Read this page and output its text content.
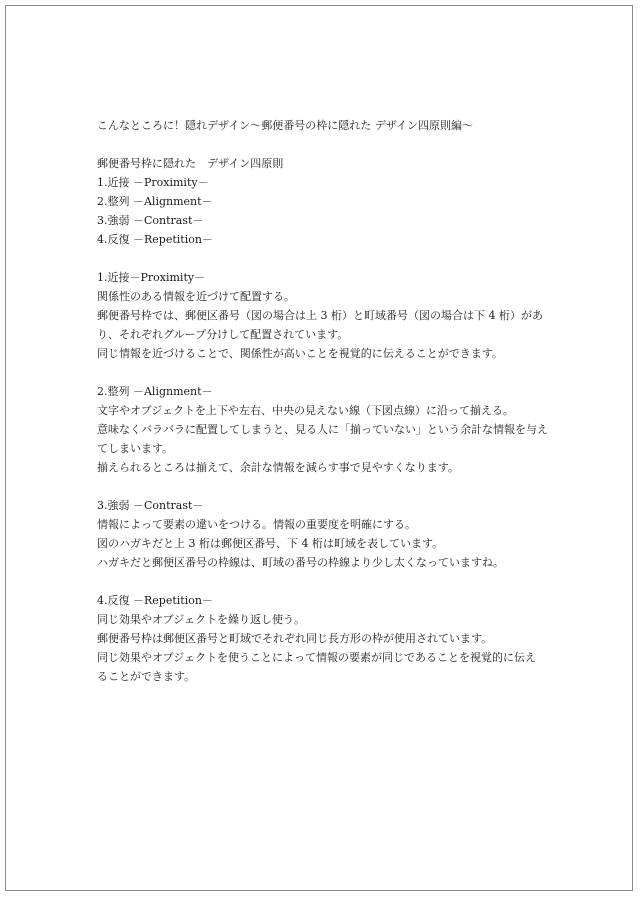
こんなところに！隠れデザイン〜郵便番号の枠に隠れた デザイン四原則編〜
郵便番号枠に隠れた　デザイン四原則
1.近接 －Proximity－
2.整列 －Alignment－
3.強弱 －Contrast－
4.反復 －Repetition－
1.近接－Proximity－
関係性のある情報を近づけて配置する。
郵便番号枠では、郵便区番号（図の場合は上 3 桁）と町域番号（図の場合は下 4 桁）があ
り、それぞれグループ分けして配置されています。
同じ情報を近づけることで、関係性が高いことを視覚的に伝えることができます。
2.整列 －Alignment－
文字やオブジェクトを上下や左右、中央の見えない線（下図点線）に沿って揃える。
意味なくバラバラに配置してしまうと、見る人に「揃っていない」という余計な情報を与え
てしまいます。
揃えられるところは揃えて、余計な情報を減らす事で見やすくなります。
3.強弱 －Contrast－
情報によって要素の違いをつける。情報の重要度を明確にする。
図のハガキだと上 3 桁は郵便区番号、下 4 桁は町域を表しています。
ハガキだと郵便区番号の枠線は、町域の番号の枠線より少し太くなっていますね。
4.反復 －Repetition－
同じ効果やオブジェクトを繰り返し使う。
郵便番号枠は郵便区番号と町域でそれぞれ同じ長方形の枠が使用されています。
同じ効果やオブジェクトを使うことによって情報の要素が同じであることを視覚的に伝え
ることができます。
